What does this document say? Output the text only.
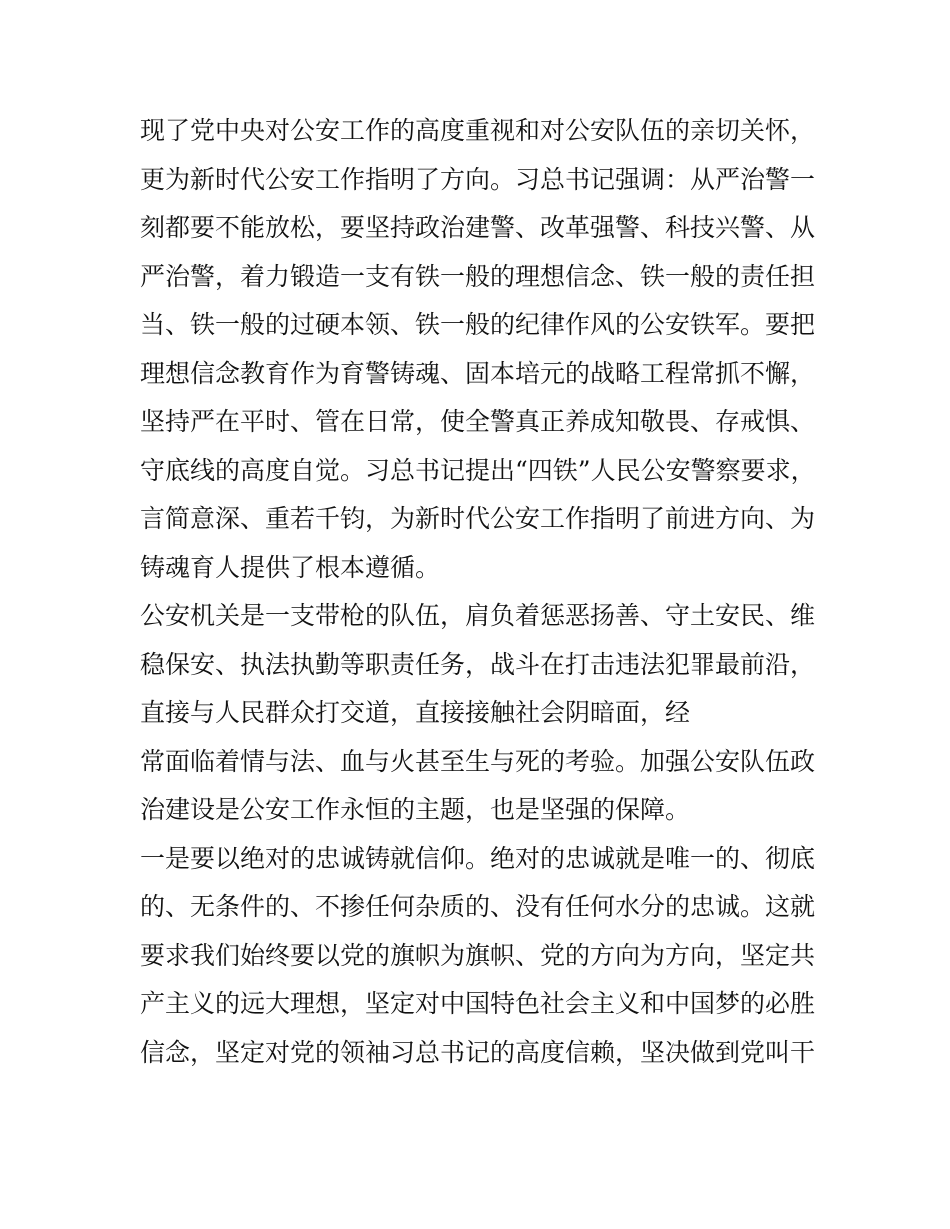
现了党中央对公安工作的高度重视和对公安队伍的亲切关怀，
更为新时代公安工作指明了方向。习总书记强调：从严治警一
刻都要不能放松，要坚持政治建警、改革强警、科技兴警、从
严治警，着力锻造一支有铁一般的理想信念、铁一般的责任担
当、铁一般的过硬本领、铁一般的纪律作风的公安铁军。要把
理想信念教育作为育警铸魂、固本培元的战略工程常抓不懈，
坚持严在平时、管在日常，使全警真正养成知敬畏、存戒惧、
守底线的高度自觉。习总书记提出“四铁”人民公安警察要求，
言简意深、重若千钧，为新时代公安工作指明了前进方向、为
铸魂育人提供了根本遵循。
公安机关是一支带枪的队伍，肩负着惩恶扬善、守土安民、维
稳保安、执法执勤等职责任务，战斗在打击违法犯罪最前沿，
直接与人民群众打交道，直接接触社会阴暗面，经
常面临着情与法、血与火甚至生与死的考验。加强公安队伍政
治建设是公安工作永恒的主题，也是坚强的保障。
一是要以绝对的忠诚铸就信仰。绝对的忠诚就是唯一的、彻底
的、无条件的、不掺任何杂质的、没有任何水分的忠诚。这就
要求我们始终要以党的旗帜为旗帜、党的方向为方向，坚定共
产主义的远大理想，坚定对中国特色社会主义和中国梦的必胜
信念，坚定对党的领袖习总书记的高度信赖，坚决做到党叫干
